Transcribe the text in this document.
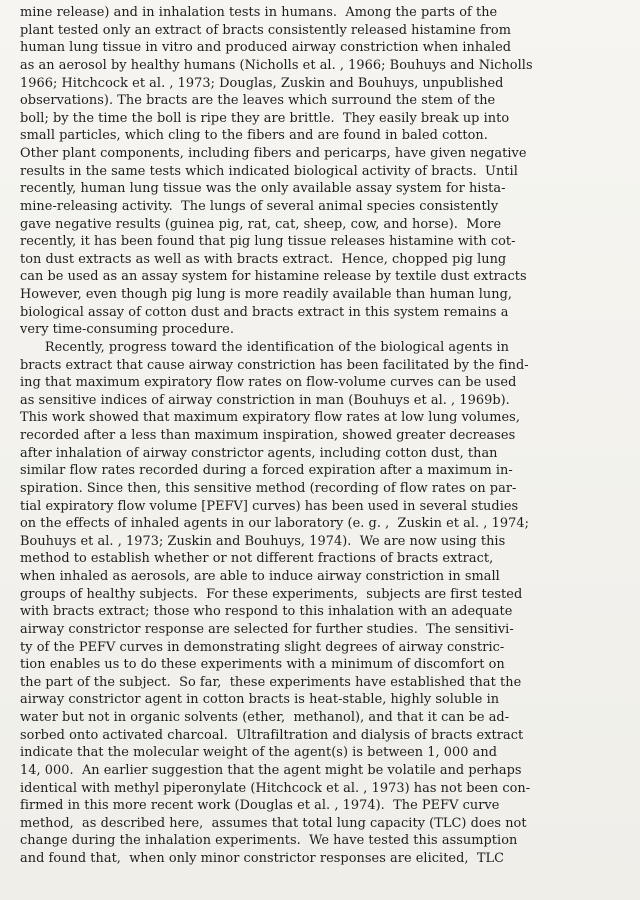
mine release) and in inhalation tests in humans.  Among the parts of the
plant tested only an extract of bracts consistently released histamine from
human lung tissue in vitro and produced airway constriction when inhaled
as an aerosol by healthy humans (Nicholls et al. , 1966; Bouhuys and Nicholls
1966; Hitchcock et al. , 1973; Douglas, Zuskin and Bouhuys, unpublished
observations). The bracts are the leaves which surround the stem of the
boll; by the time the boll is ripe they are brittle.  They easily break up into
small particles, which cling to the fibers and are found in baled cotton.
Other plant components, including fibers and pericarps, have given negative
results in the same tests which indicated biological activity of bracts.  Until
recently, human lung tissue was the only available assay system for hista-
mine-releasing activity.  The lungs of several animal species consistently
gave negative results (guinea pig, rat, cat, sheep, cow, and horse).  More
recently, it has been found that pig lung tissue releases histamine with cot-
ton dust extracts as well as with bracts extract.  Hence, chopped pig lung
can be used as an assay system for histamine release by textile dust extracts
However, even though pig lung is more readily available than human lung,
biological assay of cotton dust and bracts extract in this system remains a
very time-consuming procedure.
Recently, progress toward the identification of the biological agents in
bracts extract that cause airway constriction has been facilitated by the find-
ing that maximum expiratory flow rates on flow-volume curves can be used
as sensitive indices of airway constriction in man (Bouhuys et al. , 1969b).
This work showed that maximum expiratory flow rates at low lung volumes,
recorded after a less than maximum inspiration, showed greater decreases
after inhalation of airway constrictor agents, including cotton dust, than
similar flow rates recorded during a forced expiration after a maximum in-
spiration. Since then, this sensitive method (recording of flow rates on par-
tial expiratory flow volume [PEFV] curves) has been used in several studies
on the effects of inhaled agents in our laboratory (e. g. ,  Zuskin et al. , 1974;
Bouhuys et al. , 1973; Zuskin and Bouhuys, 1974).  We are now using this
method to establish whether or not different fractions of bracts extract,
when inhaled as aerosols, are able to induce airway constriction in small
groups of healthy subjects.  For these experiments,  subjects are first tested
with bracts extract; those who respond to this inhalation with an adequate
airway constrictor response are selected for further studies.  The sensitivi-
ty of the PEFV curves in demonstrating slight degrees of airway constric-
tion enables us to do these experiments with a minimum of discomfort on
the part of the subject.  So far,  these experiments have established that the
airway constrictor agent in cotton bracts is heat-stable, highly soluble in
water but not in organic solvents (ether,  methanol), and that it can be ad-
sorbed onto activated charcoal.  Ultrafiltration and dialysis of bracts extract
indicate that the molecular weight of the agent(s) is between 1, 000 and
14, 000.  An earlier suggestion that the agent might be volatile and perhaps
identical with methyl piperonylate (Hitchcock et al. , 1973) has not been con-
firmed in this more recent work (Douglas et al. , 1974).  The PEFV curve
method,  as described here,  assumes that total lung capacity (TLC) does not
change during the inhalation experiments.  We have tested this assumption
and found that,  when only minor constrictor responses are elicited,  TLC
